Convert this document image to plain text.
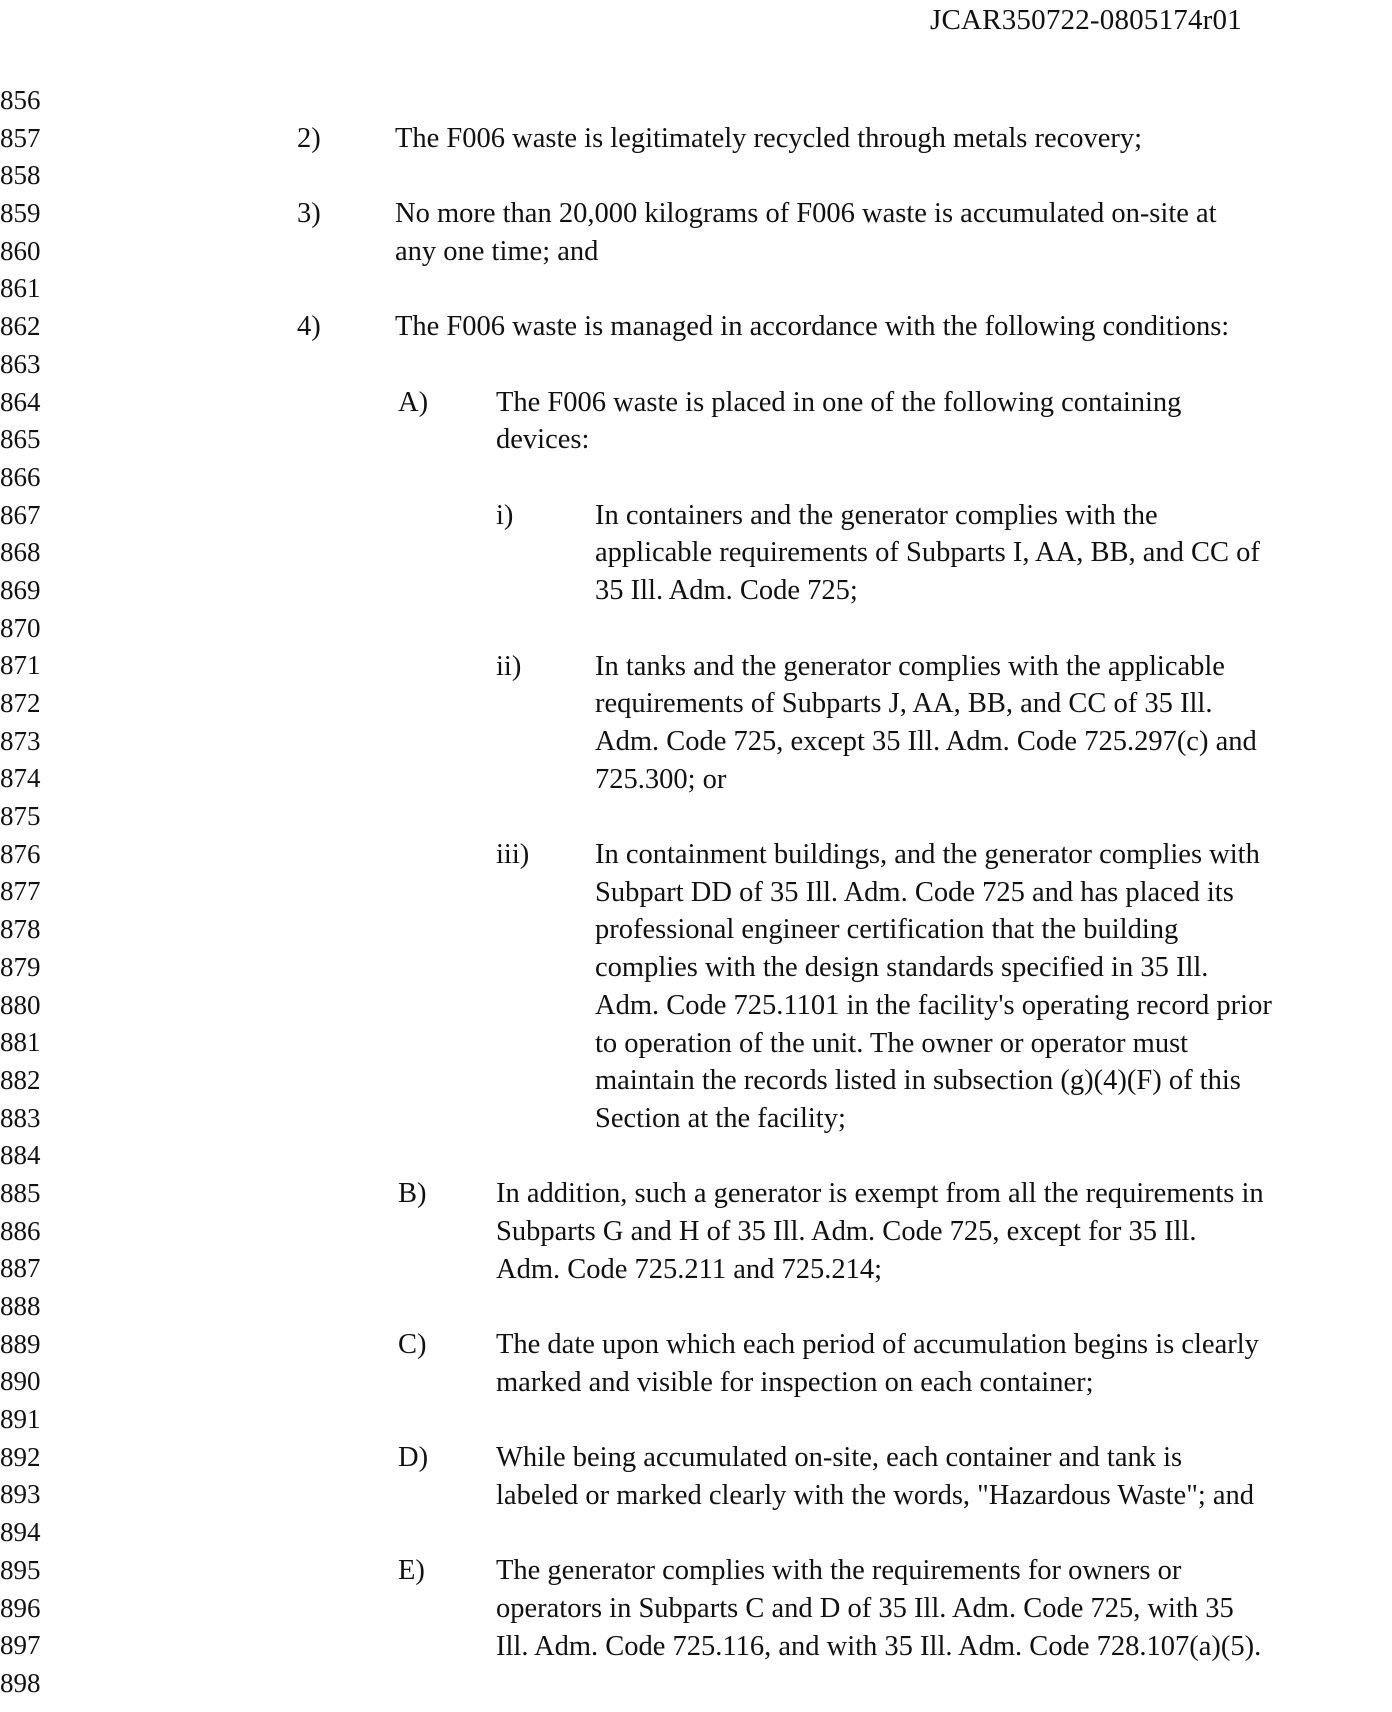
JCAR350722-0805174r01
856
857
858
859
860
861
862
863
864
865
866
867
868
869
870
871
872
873
874
875
876
877
878
879
880
881
882
883
884
885
886
887
888
889
890
891
892
893
894
895
896
897
898
2)	The F006 waste is legitimately recycled through metals recovery;
3)	No more than 20,000 kilograms of F006 waste is accumulated on-site at
any one time; and
4)	The F006 waste is managed in accordance with the following conditions:
A) The F006 waste is placed in one of the following containing
devices:
i)	In containers and the generator complies with the
applicable requirements of Subparts I, AA, BB, and CC of
35 Ill. Adm. Code 725;
ii)	In tanks and the generator complies with the applicable
requirements of Subparts J, AA, BB, and CC of 35 Ill.
Adm. Code 725, except 35 Ill. Adm. Code 725.297(c) and
725.300; or
iii) In containment buildings, and the generator complies with
Subpart DD of 35 Ill. Adm. Code 725 and has placed its
professional engineer certification that the building
complies with the design standards specified in 35 Ill.
Adm. Code 725.1101 in the facility's operating record prior
to operation of the unit. The owner or operator must
maintain the records listed in subsection (g)(4)(F) of this
Section at the facility;
B) In addition, such a generator is exempt from all the requirements in
Subparts G and H of 35 Ill. Adm. Code 725, except for 35 Ill.
Adm. Code 725.211 and 725.214;
C) The date upon which each period of accumulation begins is clearly
marked and visible for inspection on each container;
D) While being accumulated on-site, each container and tank is
labeled or marked clearly with the words, "Hazardous Waste"; and
E) The generator complies with the requirements for owners or
operators in Subparts C and D of 35 Ill. Adm. Code 725, with 35
Ill. Adm. Code 725.116, and with 35 Ill. Adm. Code 728.107(a)(5).
